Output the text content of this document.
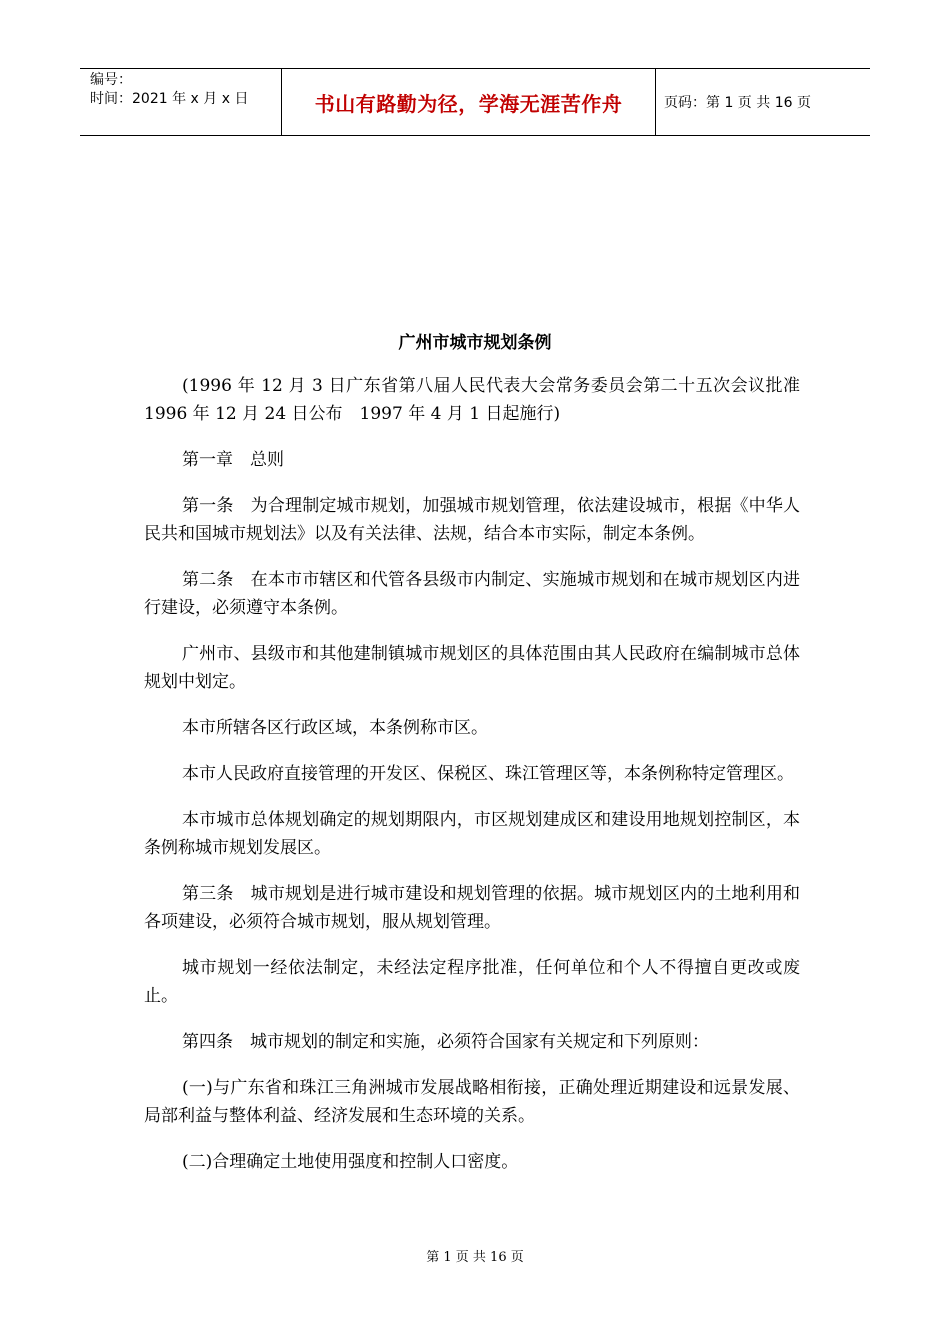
编号：
时间：2021 年 x 月 x 日	书山有路勤为径，学海无涯苦作舟	页码：第 1 页 共 16 页
广州市城市规划条例

(1996 年 12 月 3 日广东省第八届人民代表大会常务委员会第二十五次会议批准　1996 年 12 月 24 日公布　1997 年 4 月 1 日起施行)

第一章　总则

第一条　为合理制定城市规划，加强城市规划管理，依法建设城市，根据《中华人民共和国城市规划法》以及有关法律、法规，结合本市实际，制定本条例。

第二条　在本市市辖区和代管各县级市内制定、实施城市规划和在城市规划区内进行建设，必须遵守本条例。

广州市、县级市和其他建制镇城市规划区的具体范围由其人民政府在编制城市总体规划中划定。

本市所辖各区行政区域，本条例称市区。

本市人民政府直接管理的开发区、保税区、珠江管理区等，本条例称特定管理区。

本市城市总体规划确定的规划期限内，市区规划建成区和建设用地规划控制区，本条例称城市规划发展区。

第三条　城市规划是进行城市建设和规划管理的依据。城市规划区内的土地利用和各项建设，必须符合城市规划，服从规划管理。

城市规划一经依法制定，未经法定程序批准，任何单位和个人不得擅自更改或废止。

第四条　城市规划的制定和实施，必须符合国家有关规定和下列原则：

(一)与广东省和珠江三角洲城市发展战略相衔接，正确处理近期建设和远景发展、局部利益与整体利益、经济发展和生态环境的关系。

(二)合理确定土地使用强度和控制人口密度。

第 1 页 共 16 页
